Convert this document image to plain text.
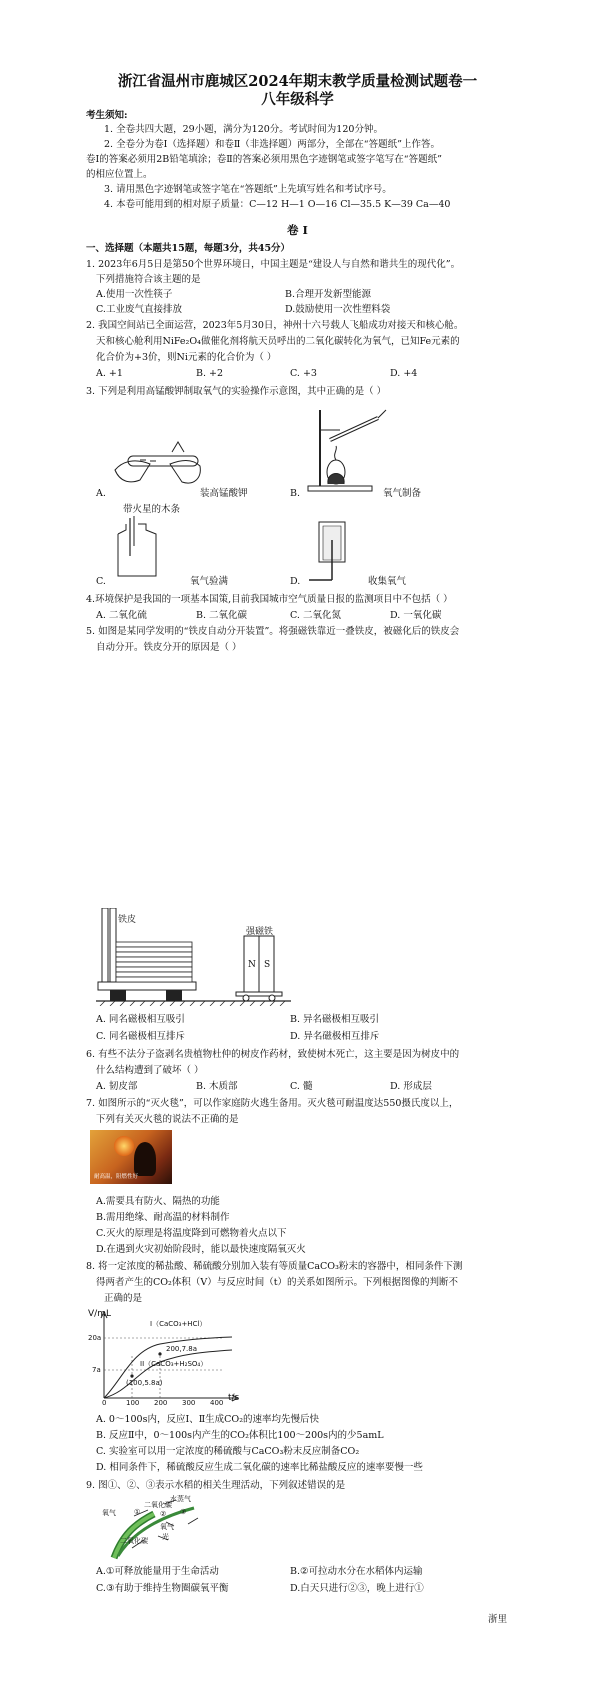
浙江省温州市鹿城区2024年期末教学质量检测试题卷一
八年级科学
考生须知:
1. 全卷共四大题，29小题，满分为120分。考试时间为120分钟。
2. 全卷分为卷Ⅰ（选择题）和卷Ⅱ（非选择题）两部分，全部在“答题纸”上作答。
卷Ⅰ的答案必须用2B铅笔填涂；卷Ⅱ的答案必须用黑色字迹钢笔或签字笔写在“答题纸”
的相应位置上。
3. 请用黑色字迹钢笔或签字笔在“答题纸”上先填写姓名和考试序号。
4. 本卷可能用到的相对原子质量：C—12 H—1 O—16 Cl—35.5 K—39 Ca—40
卷 Ⅰ
一、选择题（本题共15题，每题3分，共45分）
1. 2023年6月5日是第50个世界环境日，中国主题是“建设人与自然和谐共生的现代化”。
下列措施符合该主题的是
A.使用一次性筷子	B.合理开发新型能源
C.工业废气直接排放	D.鼓励使用一次性塑料袋
2. 我国空间站已全面运营，2023年5月30日，神州十六号载人飞船成功对接天和核心舱。
天和核心舱利用NiFe₂O₄做催化剂将航天员呼出的二氧化碳转化为氧气，已知Fe元素的
化合价为+3价，则Ni元素的化合价为（ ）
A. +1	B. +2	C. +3	D. +4
3. 下列是利用高锰酸钾制取氧气的实验操作示意图，其中正确的是（ ）
A.	装高锰酸钾	B.	氧气制备
带火星的木条
C.	氧气验满	D.	收集氧气
4.环境保护是我国的一项基本国策,目前我国城市空气质量日报的监测项目中不包括（ ）
A. 二氧化硫	B. 二氧化碳	C. 二氧化氮	D. 一氧化碳
5. 如图是某同学发明的“铁皮自动分开装置”。将强磁铁靠近一叠铁皮，被磁化后的铁皮会
自动分开。铁皮分开的原因是（ ）
铁皮
强磁铁
N S
A. 同名磁极相互吸引	B. 异名磁极相互吸引
C. 同名磁极相互排斥	D. 异名磁极相互排斥
6. 有些不法分子盗剥名贵植物杜仲的树皮作药材，致使树木死亡，这主要是因为树皮中的
什么结构遭到了破坏（ ）
A. 韧皮部	B. 木质部	C. 髓	D. 形成层
7. 如图所示的“灭火毯”，可以作家庭防火逃生备用。灭火毯可耐温度达550摄氏度以上，
下列有关灭火毯的说法不正确的是
耐高温，阻燃性好
A.需要具有防火、隔热的功能
B.需用绝缘、耐高温的材料制作
C.灭火的原理是将温度降到可燃物着火点以下
D.在遇到火灾初始阶段时，能以最快速度隔氧灭火
8. 将一定浓度的稀盐酸、稀硫酸分别加入装有等质量CaCO₃粉末的容器中，相同条件下测
得两者产生的CO₂体积（V）与反应时间（t）的关系如图所示。下列根据图像的判断不
正确的是
V/mL
t/s
I（CaCO₃+HCl）
II（CaCO₃+H₂SO₄）
200,7.8a
(100,5.8a)
20a
7a
0	100 200 300 400
A. 0～100s内，反应Ⅰ、Ⅱ生成CO₂的速率均先慢后快
B. 反应Ⅱ中，0～100s内产生的CO₂体积比100～200s内的少5amL
C. 实验室可以用一定浓度的稀硫酸与CaCO₃粉末反应制备CO₂
D. 相同条件下，稀硫酸反应生成二氧化碳的速率比稀盐酸反应的速率要慢一些
9. 图①、②、③表示水稻的相关生理活动，下列叙述错误的是
水蒸气
二氧化碳
氧气	①	② ③
氧气
光
二氧化碳
A.①可释放能量用于生命活动	B.②可拉动水分在水稻体内运输
C.③有助于维持生物圈碳氧平衡	D.白天只进行②③，晚上进行①
浙里
